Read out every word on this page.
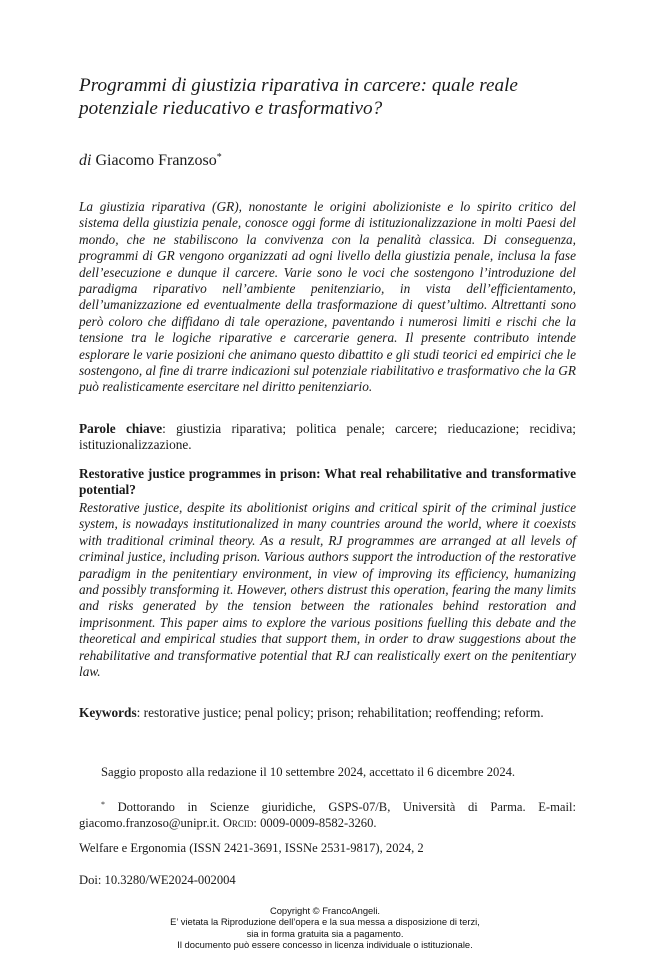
Programmi di giustizia riparativa in carcere: quale reale potenziale rieducativo e trasformativo?
di Giacomo Franzoso*

La giustizia riparativa (GR), nonostante le origini abolizioniste e lo spirito critico del sistema della giustizia penale, conosce oggi forme di istituzionalizzazione in molti Paesi del mondo, che ne stabiliscono la convivenza con la penalità classica. Di conseguenza, programmi di GR vengono organizzati ad ogni livello della giustizia penale, inclusa la fase dell’esecuzione e dunque il carcere. Varie sono le voci che sostengono l’introduzione del paradigma riparativo nell’ambiente penitenziario, in vista dell’efficientamento, dell’umanizzazione ed eventualmente della trasformazione di quest’ultimo. Altrettanti sono però coloro che diffidano di tale operazione, paventando i numerosi limiti e rischi che la tensione tra le logiche riparative e carcerarie genera. Il presente contributo intende esplorare le varie posizioni che animano questo dibattito e gli studi teorici ed empirici che le sostengono, al fine di trarre indicazioni sul potenziale riabilitativo e trasformativo che la GR può realisticamente esercitare nel diritto penitenziario.

Parole chiave: giustizia riparativa; politica penale; carcere; rieducazione; recidiva; istituzionalizzazione.

Restorative justice programmes in prison: What real rehabilitative and transformative potential?

Restorative justice, despite its abolitionist origins and critical spirit of the criminal justice system, is nowadays institutionalized in many countries around the world, where it coexists with traditional criminal theory. As a result, RJ programmes are arranged at all levels of criminal justice, including prison. Various authors support the introduction of the restorative paradigm in the penitentiary environment, in view of improving its efficiency, humanizing and possibly transforming it. However, others distrust this operation, fearing the many limits and risks generated by the tension between the rationales behind restoration and imprisonment. This paper aims to explore the various positions fuelling this debate and the theoretical and empirical studies that support them, in order to draw suggestions about the rehabilitative and transformative potential that RJ can realistically exert on the penitentiary law.

Keywords: restorative justice; penal policy; prison; rehabilitation; reoffending; reform.

Saggio proposto alla redazione il 10 settembre 2024, accettato il 6 dicembre 2024.

* Dottorando in Scienze giuridiche, GSPS-07/B, Università di Parma. E-mail: giacomo.franzoso@unipr.it. Orcid: 0009-0009-8582-3260.

Welfare e Ergonomia (ISSN 2421-3691, ISSNe 2531-9817), 2024, 2
Doi: 10.3280/WE2024-002004
Copyright © FrancoAngeli.
E’ vietata la Riproduzione dell’opera e la sua messa a disposizione di terzi,
sia in forma gratuita sia a pagamento.
Il documento può essere concesso in licenza individuale o istituzionale.
